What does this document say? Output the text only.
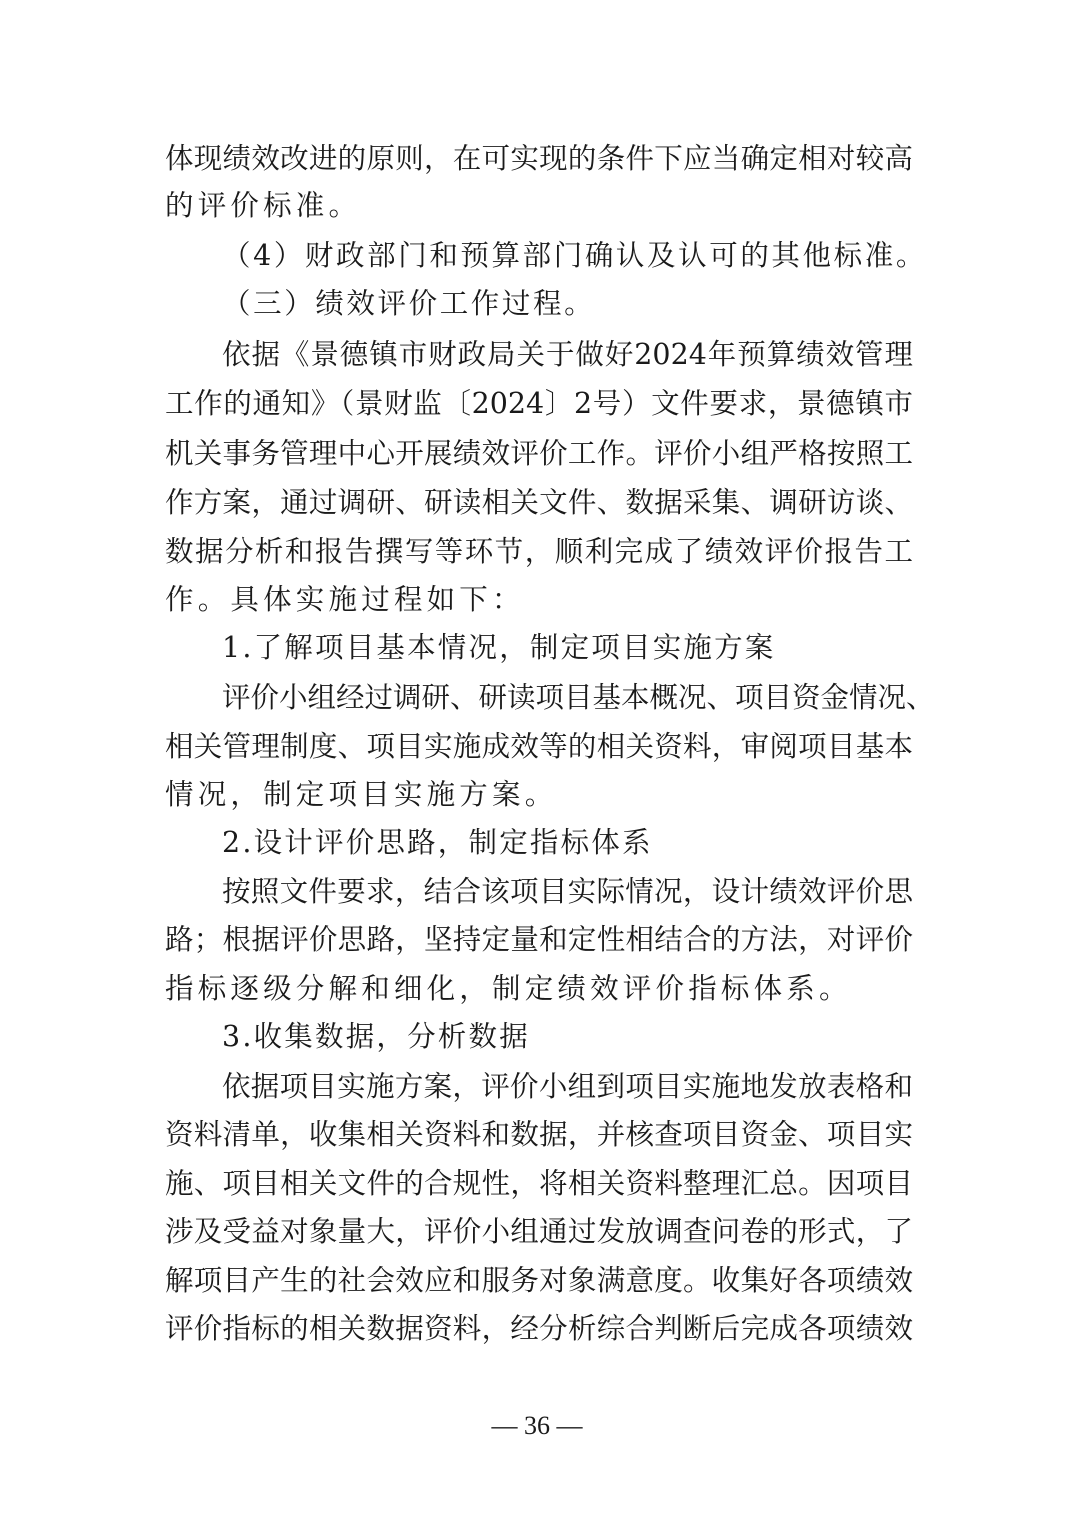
体现绩效改进的原则，在可实现的条件下应当确定相对较高
的评价标准。
（4）财政部门和预算部门确认及认可的其他标准。
（三）绩效评价工作过程。
依据《景德镇市财政局关于做好2024年预算绩效管理
工作的通知》（景财监〔2024〕2号）文件要求，景德镇市
机关事务管理中心开展绩效评价工作。评价小组严格按照工
作方案，通过调研、研读相关文件、数据采集、调研访谈、
数据分析和报告撰写等环节，顺利完成了绩效评价报告工
作。具体实施过程如下：
1.了解项目基本情况，制定项目实施方案
评价小组经过调研、研读项目基本概况、项目资金情况、
相关管理制度、项目实施成效等的相关资料，审阅项目基本
情况，制定项目实施方案。
2.设计评价思路，制定指标体系
按照文件要求，结合该项目实际情况，设计绩效评价思
路；根据评价思路，坚持定量和定性相结合的方法，对评价
指标逐级分解和细化，制定绩效评价指标体系。
3.收集数据，分析数据
依据项目实施方案，评价小组到项目实施地发放表格和
资料清单，收集相关资料和数据，并核查项目资金、项目实
施、项目相关文件的合规性，将相关资料整理汇总。因项目
涉及受益对象量大，评价小组通过发放调查问卷的形式，了
解项目产生的社会效应和服务对象满意度。收集好各项绩效
评价指标的相关数据资料，经分析综合判断后完成各项绩效
— 36 —
